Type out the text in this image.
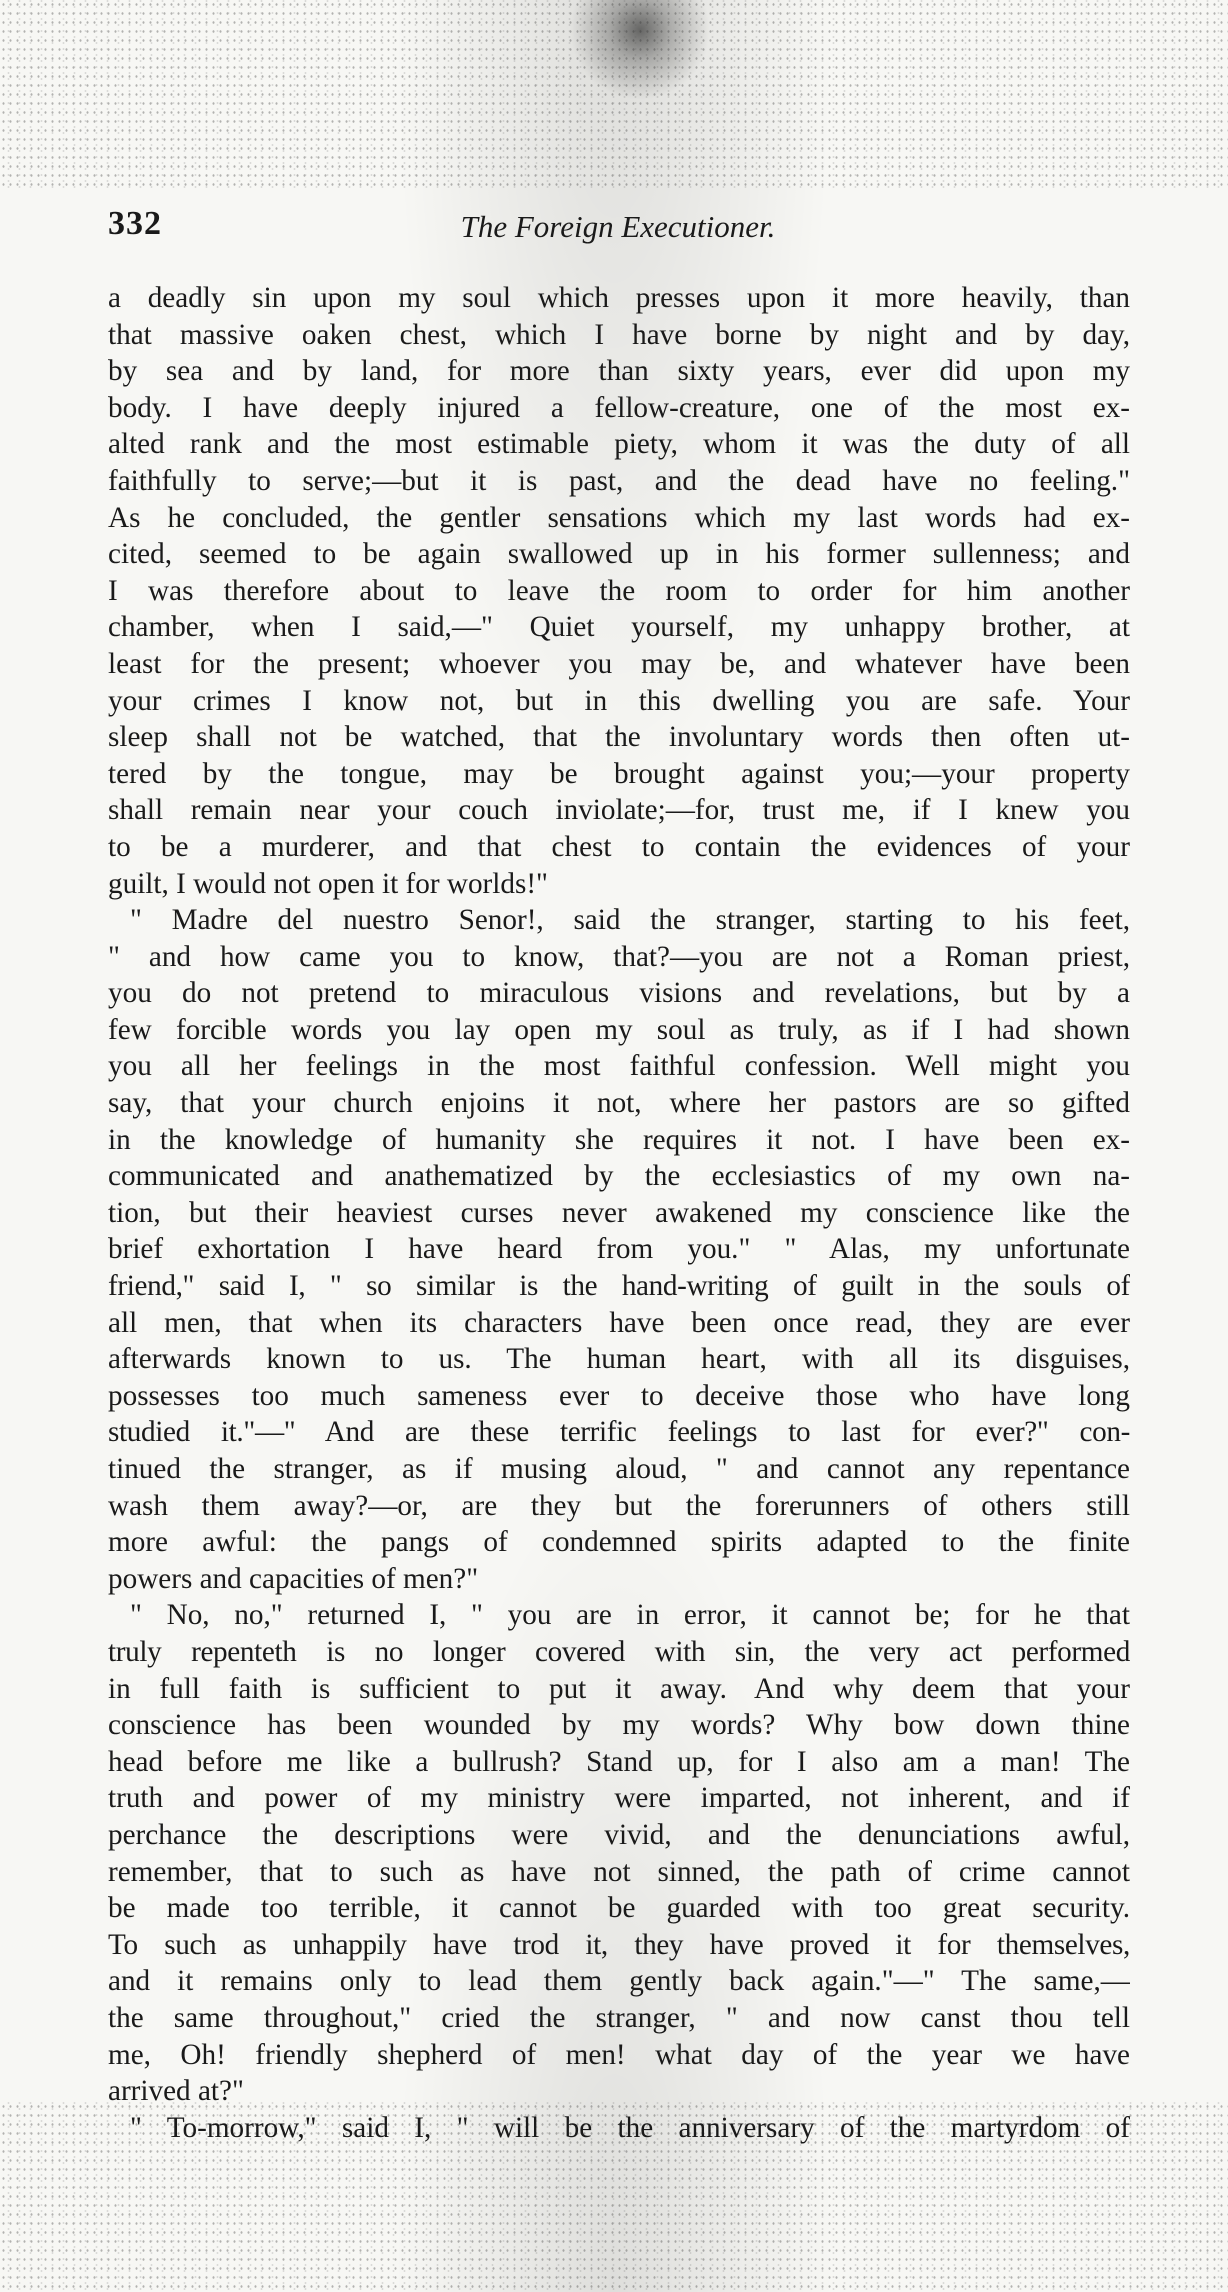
332	The Foreign Executioner.
a deadly sin upon my soul which presses upon it more heavily, than
that massive oaken chest, which I have borne by night and by day,
by sea and by land, for more than sixty years, ever did upon my
body. I have deeply injured a fellow-creature, one of the most ex-
alted rank and the most estimable piety, whom it was the duty of all
faithfully to serve;—but it is past, and the dead have no feeling."
As he concluded, the gentler sensations which my last words had ex-
cited, seemed to be again swallowed up in his former sullenness; and
I was therefore about to leave the room to order for him another
chamber, when I said,—" Quiet yourself, my unhappy brother, at
least for the present; whoever you may be, and whatever have been
your crimes I know not, but in this dwelling you are safe. Your
sleep shall not be watched, that the involuntary words then often ut-
tered by the tongue, may be brought against you;—your property
shall remain near your couch inviolate;—for, trust me, if I knew you
to be a murderer, and that chest to contain the evidences of your
guilt, I would not open it for worlds!"
" Madre del nuestro Senor!, said the stranger, starting to his feet,
" and how came you to know, that?—you are not a Roman priest,
you do not pretend to miraculous visions and revelations, but by a
few forcible words you lay open my soul as truly, as if I had shown
you all her feelings in the most faithful confession. Well might you
say, that your church enjoins it not, where her pastors are so gifted
in the knowledge of humanity she requires it not. I have been ex-
communicated and anathematized by the ecclesiastics of my own na-
tion, but their heaviest curses never awakened my conscience like the
brief exhortation I have heard from you." " Alas, my unfortunate
friend," said I, " so similar is the hand-writing of guilt in the souls of
all men, that when its characters have been once read, they are ever
afterwards known to us. The human heart, with all its disguises,
possesses too much sameness ever to deceive those who have long
studied it."—" And are these terrific feelings to last for ever?" con-
tinued the stranger, as if musing aloud, " and cannot any repentance
wash them away?—or, are they but the forerunners of others still
more awful: the pangs of condemned spirits adapted to the finite
powers and capacities of men?"
" No, no," returned I, " you are in error, it cannot be; for he that
truly repenteth is no longer covered with sin, the very act performed
in full faith is sufficient to put it away. And why deem that your
conscience has been wounded by my words? Why bow down thine
head before me like a bullrush? Stand up, for I also am a man! The
truth and power of my ministry were imparted, not inherent, and if
perchance the descriptions were vivid, and the denunciations awful,
remember, that to such as have not sinned, the path of crime cannot
be made too terrible, it cannot be guarded with too great security.
To such as unhappily have trod it, they have proved it for themselves,
and it remains only to lead them gently back again."—" The same,—
the same throughout," cried the stranger, " and now canst thou tell
me, Oh! friendly shepherd of men! what day of the year we have
arrived at?"
" To-morrow," said I, " will be the anniversary of the martyrdom of
